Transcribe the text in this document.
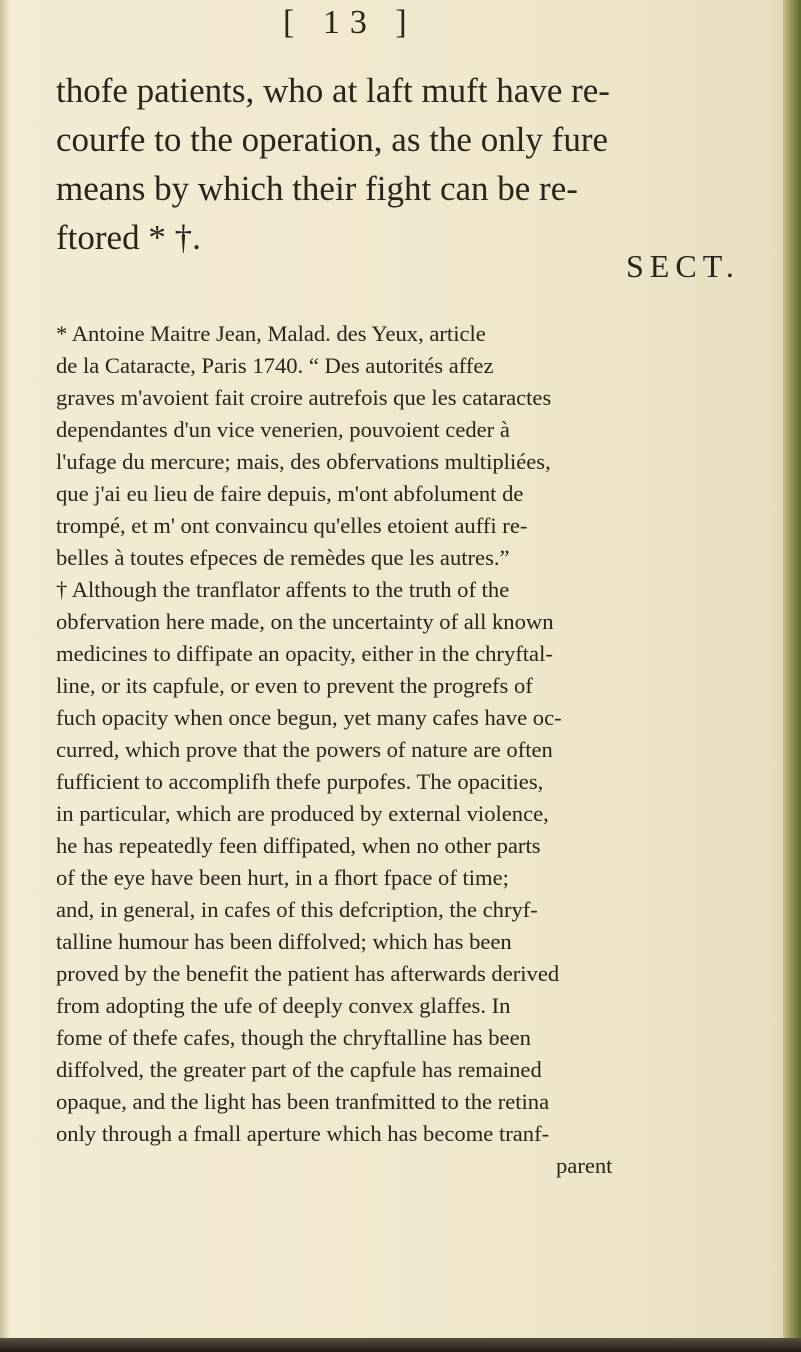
[ 13 ]

thofe patients, who at laft muft have re-
courfe to the operation, as the only fure
means by which their fight can be re-
ftored * †.

SECT.

* Antoine Maitre Jean, Malad. des Yeux, article
de la Cataracte, Paris 1740. “ Des autorités affez
graves m'avoient fait croire autrefois que les cataractes
dependantes d'un vice venerien, pouvoient ceder à
l'ufage du mercure; mais, des obfervations multipliées,
que j'ai eu lieu de faire depuis, m'ont abfolument de
trompé, et m' ont convaincu qu'elles etoient auffi re-
belles à toutes efpeces de remèdes que les autres.”
† Although the tranflator affents to the truth of the
obfervation here made, on the uncertainty of all known
medicines to diffipate an opacity, either in the chryftal-
line, or its capfule, or even to prevent the progrefs of
fuch opacity when once begun, yet many cafes have oc-
curred, which prove that the powers of nature are often
fufficient to accomplifh thefe purpofes. The opacities,
in particular, which are produced by external violence,
he has repeatedly feen diffipated, when no other parts
of the eye have been hurt, in a fhort fpace of time;
and, in general, in cafes of this defcription, the chryf-
talline humour has been diffolved; which has been
proved by the benefit the patient has afterwards derived
from adopting the ufe of deeply convex glaffes. In
fome of thefe cafes, though the chryftalline has been
diffolved, the greater part of the capfule has remained
opaque, and the light has been tranfmitted to the retina
only through a fmall aperture which has become tranf-
parent
